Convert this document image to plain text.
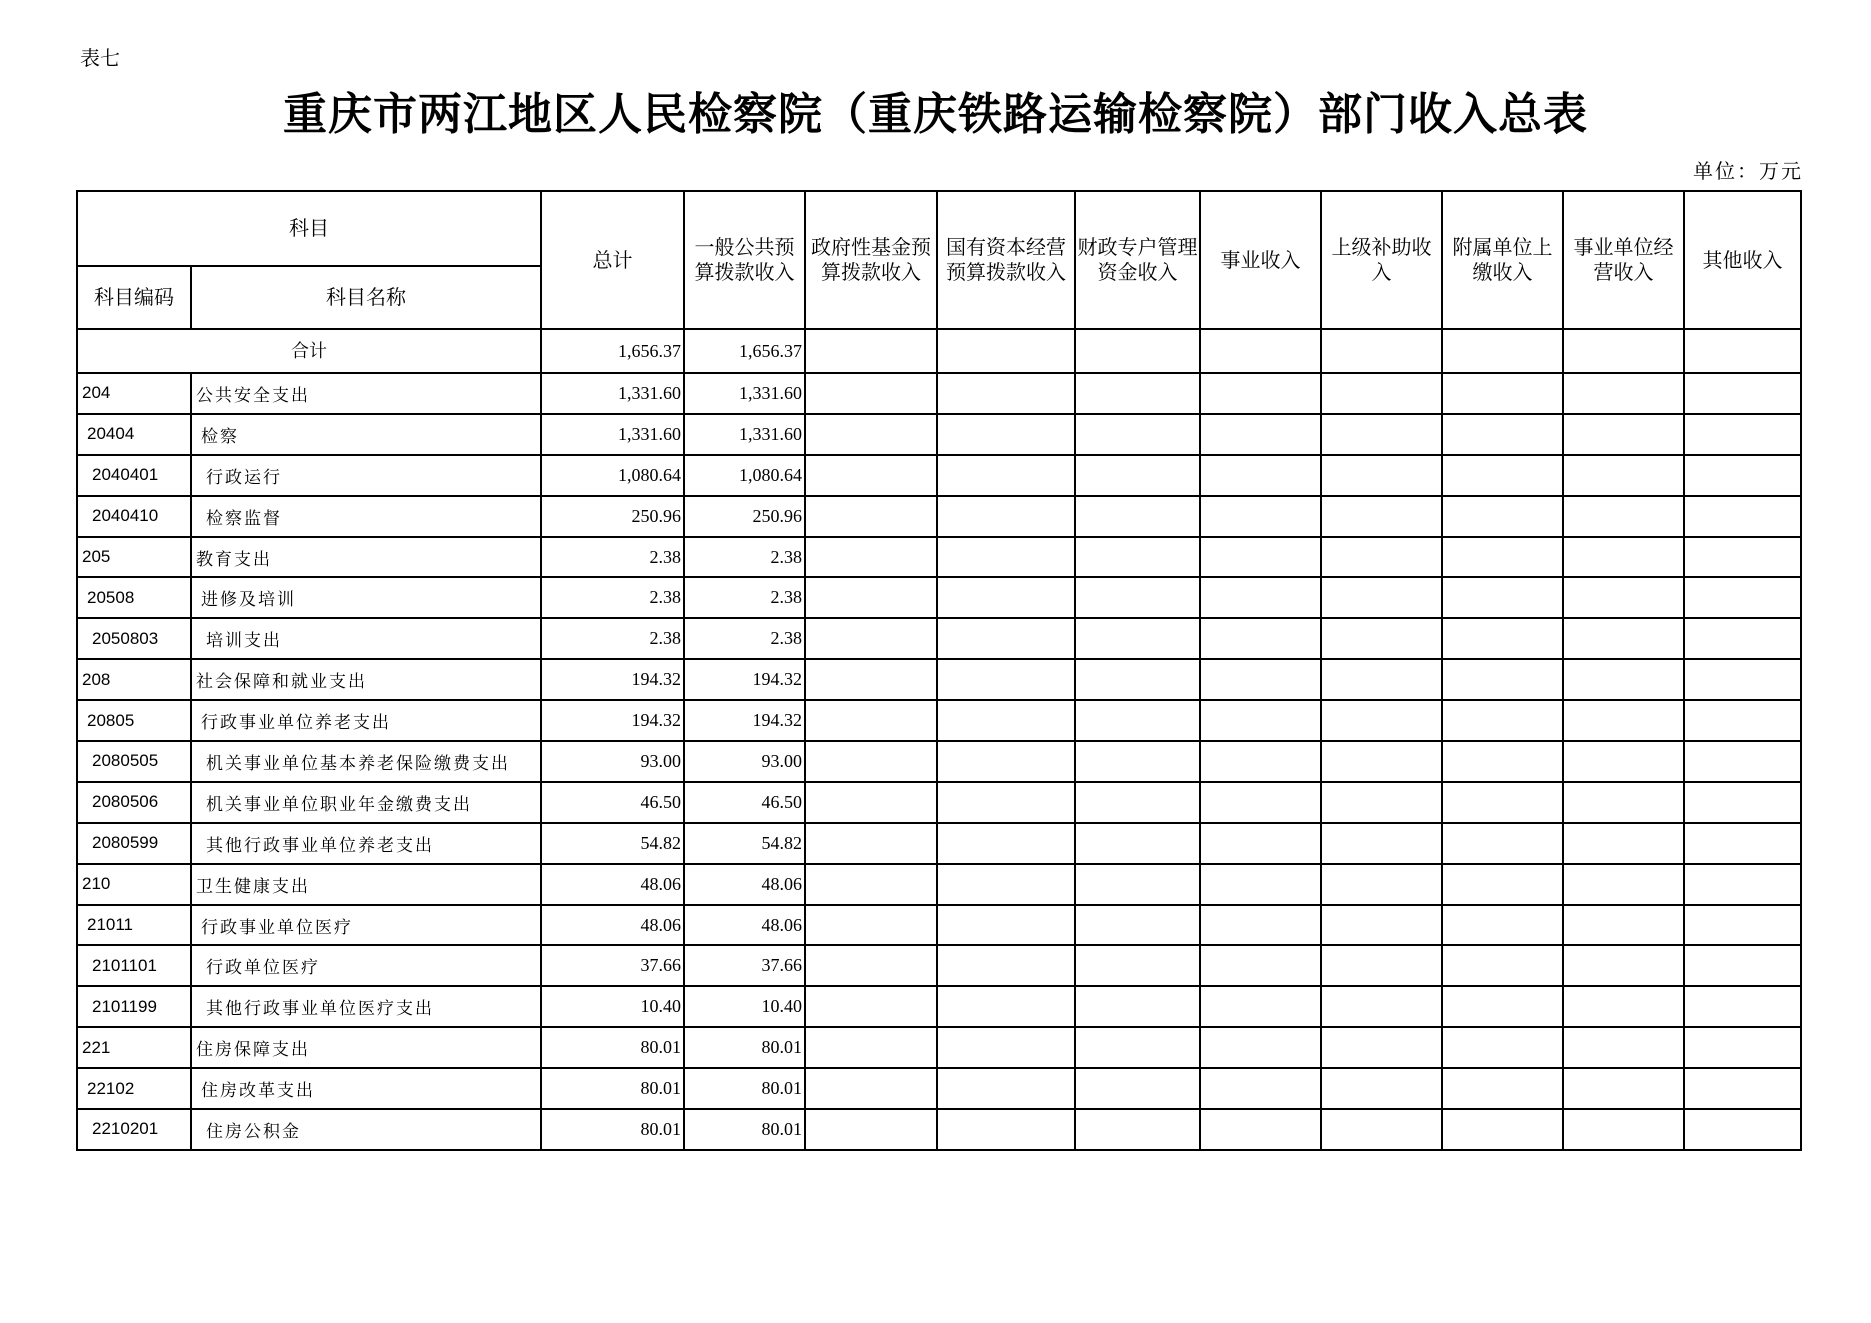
表七
重庆市两江地区人民检察院（重庆铁路运输检察院）部门收入总表
单位：万元
科目		总计	一般公共预算拨款收入	政府性基金预算拨款收入	国有资本经营预算拨款收入	财政专户管理资金收入	事业收入	上级补助收入	附属单位上缴收入	事业单位经营收入	其他收入
科目编码	科目名称										
合计		1,656.37	1,656.37								
204	公共安全支出	1,331.60	1,331.60								
20404	检察	1,331.60	1,331.60								
2040401	行政运行	1,080.64	1,080.64								
2040410	检察监督	250.96	250.96								
205	教育支出	2.38	2.38								
20508	进修及培训	2.38	2.38								
2050803	培训支出	2.38	2.38								
208	社会保障和就业支出	194.32	194.32								
20805	行政事业单位养老支出	194.32	194.32								
2080505	机关事业单位基本养老保险缴费支出	93.00	93.00								
2080506	机关事业单位职业年金缴费支出	46.50	46.50								
2080599	其他行政事业单位养老支出	54.82	54.82								
210	卫生健康支出	48.06	48.06								
21011	行政事业单位医疗	48.06	48.06								
2101101	行政单位医疗	37.66	37.66								
2101199	其他行政事业单位医疗支出	10.40	10.40								
221	住房保障支出	80.01	80.01								
22102	住房改革支出	80.01	80.01								
2210201	住房公积金	80.01	80.01								
